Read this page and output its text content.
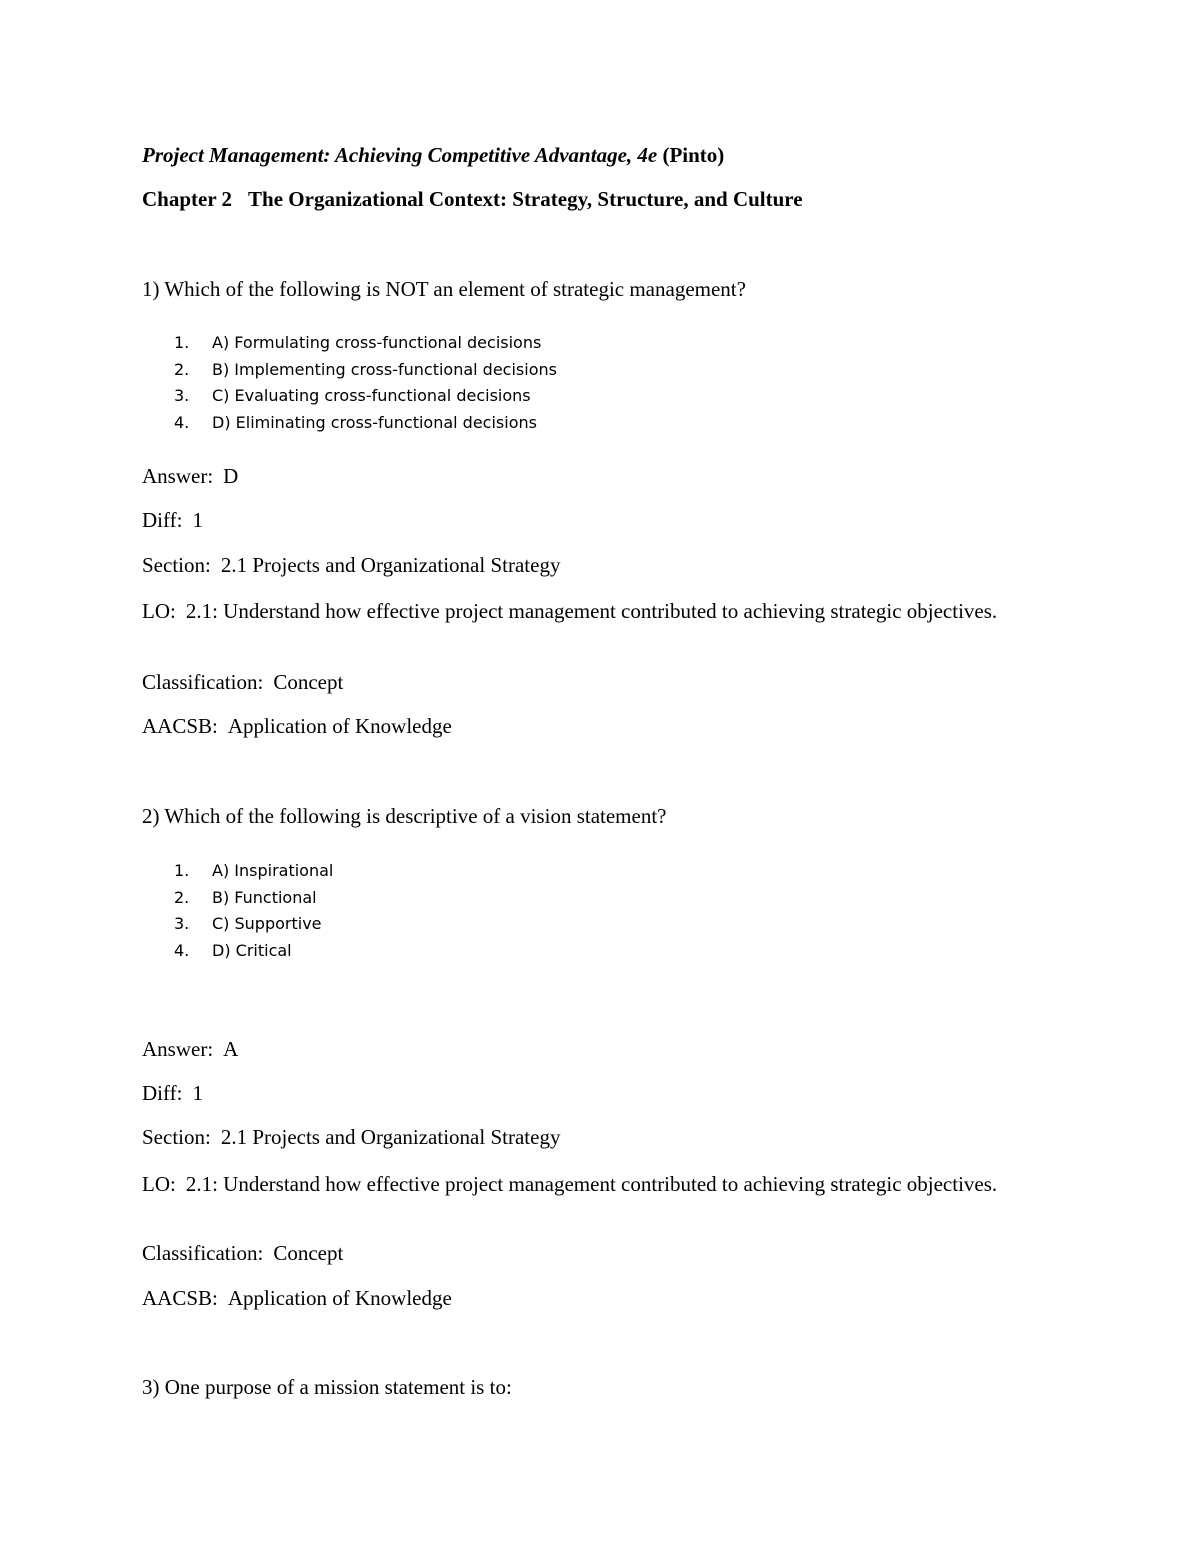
Project Management: Achieving Competitive Advantage, 4e (Pinto)
Chapter 2 The Organizational Context: Strategy, Structure, and Culture
1) Which of the following is NOT an element of strategic management?
1. A) Formulating cross-functional decisions
2. B) Implementing cross-functional decisions
3. C) Evaluating cross-functional decisions
4. D) Eliminating cross-functional decisions
Answer: D
Diff: 1
Section: 2.1 Projects and Organizational Strategy
LO: 2.1: Understand how effective project management contributed to achieving strategic objectives.
Classification: Concept
AACSB: Application of Knowledge
2) Which of the following is descriptive of a vision statement?
1. A) Inspirational
2. B) Functional
3. C) Supportive
4. D) Critical
Answer: A
Diff: 1
Section: 2.1 Projects and Organizational Strategy
LO: 2.1: Understand how effective project management contributed to achieving strategic objectives.
Classification: Concept
AACSB: Application of Knowledge
3) One purpose of a mission statement is to:
